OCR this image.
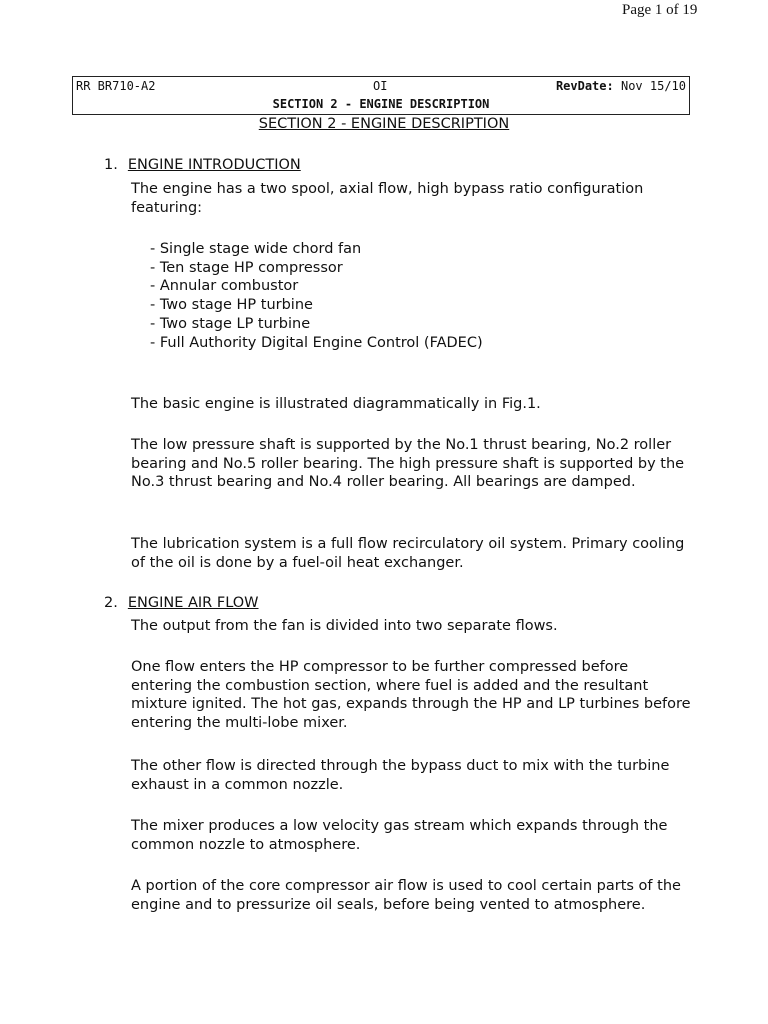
Page 1 of 19
RR BR710-A2	OI	RevDate: Nov 15/10
SECTION 2 - ENGINE DESCRIPTION
SECTION 2 - ENGINE DESCRIPTION
1. ENGINE INTRODUCTION

The engine has a two spool, axial flow, high bypass ratio configuration featuring:

- Single stage wide chord fan
- Ten stage HP compressor
- Annular combustor
- Two stage HP turbine
- Two stage LP turbine
- Full Authority Digital Engine Control (FADEC)

The basic engine is illustrated diagrammatically in Fig.1.

The low pressure shaft is supported by the No.1 thrust bearing, No.2 roller bearing and No.5 roller bearing. The high pressure shaft is supported by the No.3 thrust bearing and No.4 roller bearing. All bearings are damped.

The lubrication system is a full flow recirculatory oil system. Primary cooling of the oil is done by a fuel-oil heat exchanger.

2. ENGINE AIR FLOW

The output from the fan is divided into two separate flows.

One flow enters the HP compressor to be further compressed before entering the combustion section, where fuel is added and the resultant mixture ignited. The hot gas, expands through the HP and LP turbines before entering the multi-lobe mixer.

The other flow is directed through the bypass duct to mix with the turbine exhaust in a common nozzle.

The mixer produces a low velocity gas stream which expands through the common nozzle to atmosphere.

A portion of the core compressor air flow is used to cool certain parts of the engine and to pressurize oil seals, before being vented to atmosphere.
